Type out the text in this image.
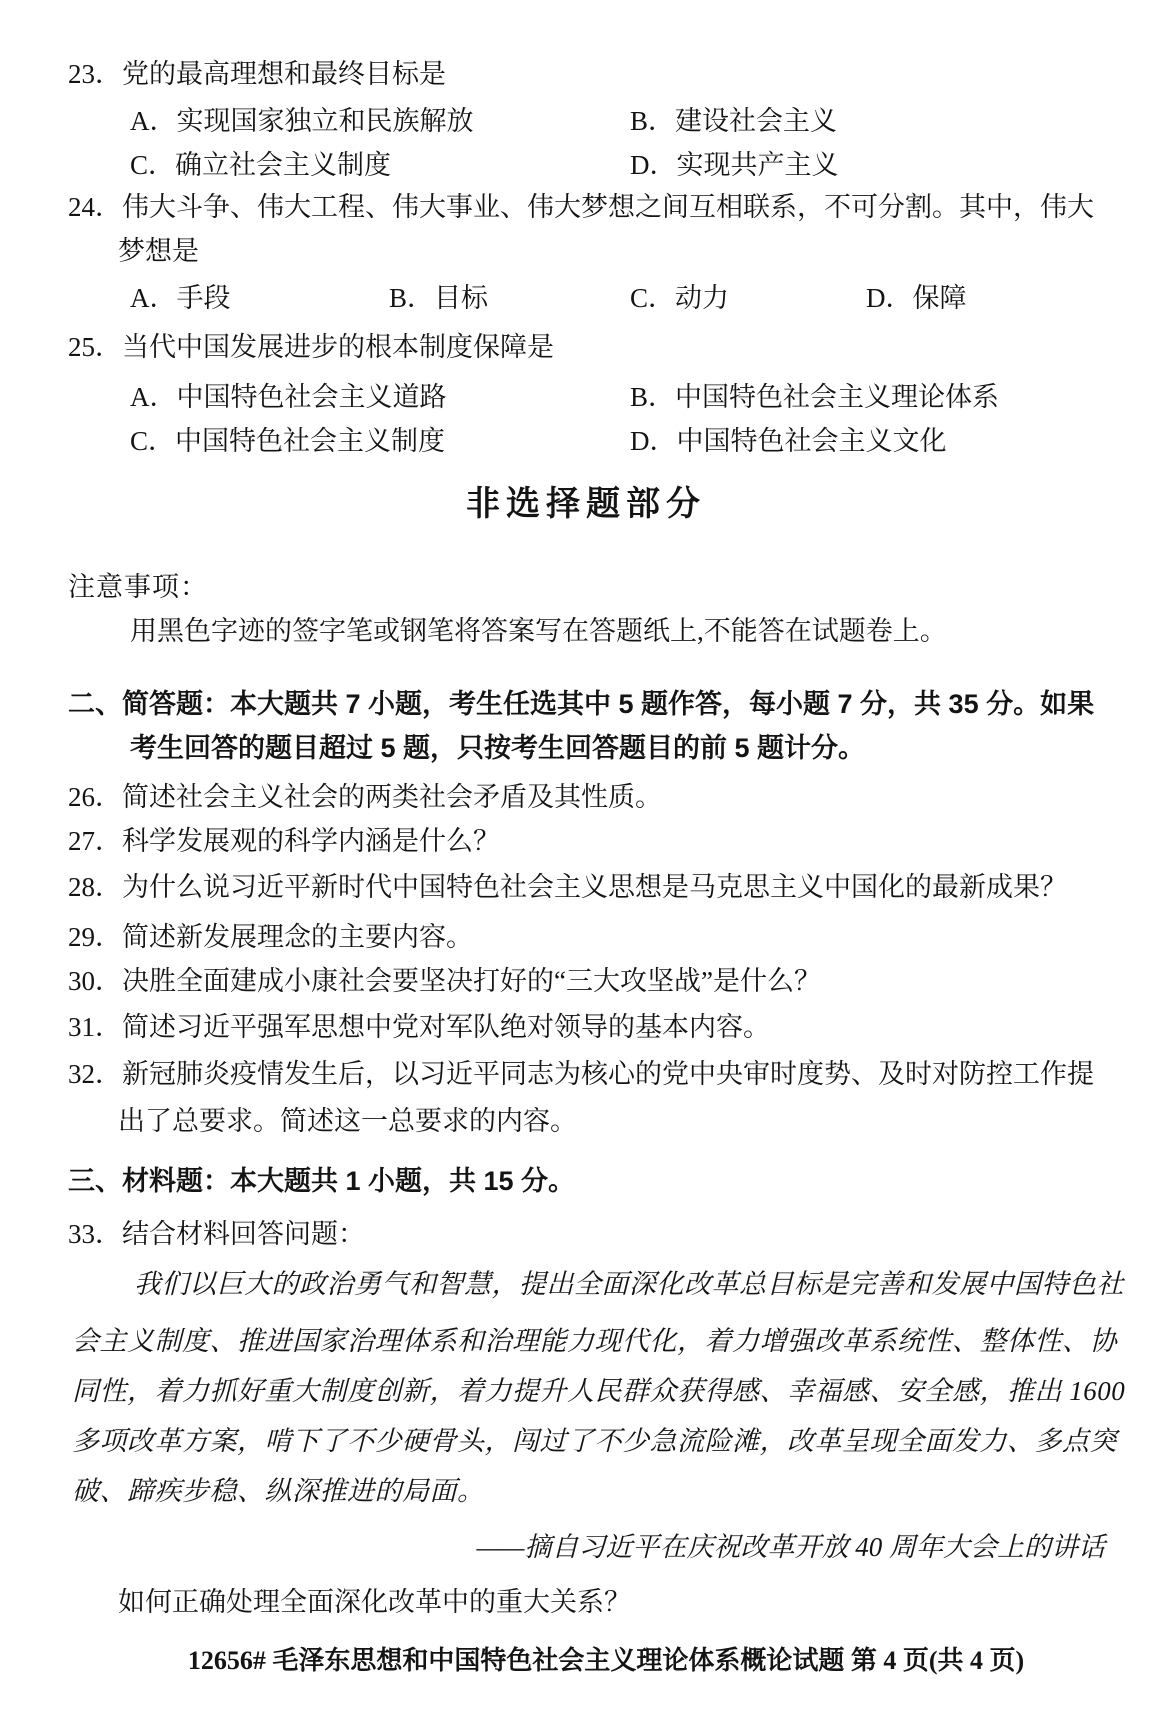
23． 党的最高理想和最终目标是
A．实现国家独立和民族解放	B．建设社会主义
C．确立社会主义制度	D．实现共产主义
24． 伟大斗争、伟大工程、伟大事业、伟大梦想之间互相联系，不可分割。其中，伟大
梦想是
A．手段	B．目标	C．动力	D．保障
25． 当代中国发展进步的根本制度保障是
A．中国特色社会主义道路	B．中国特色社会主义理论体系
C．中国特色社会主义制度	D．中国特色社会主义文化
非选择题部分
注意事项：
用黑色字迹的签字笔或钢笔将答案写在答题纸上,不能答在试题卷上。
二、简答题：本大题共 7 小题，考生任选其中 5 题作答，每小题 7 分，共 35 分。如果
考生回答的题目超过 5 题，只按考生回答题目的前 5 题计分。
26． 简述社会主义社会的两类社会矛盾及其性质。
27． 科学发展观的科学内涵是什么？
28． 为什么说习近平新时代中国特色社会主义思想是马克思主义中国化的最新成果？
29． 简述新发展理念的主要内容。
30． 决胜全面建成小康社会要坚决打好的“三大攻坚战”是什么？
31． 简述习近平强军思想中党对军队绝对领导的基本内容。
32． 新冠肺炎疫情发生后，以习近平同志为核心的党中央审时度势、及时对防控工作提
出了总要求。简述这一总要求的内容。
三、材料题：本大题共 1 小题，共 15 分。
33． 结合材料回答问题：
我们以巨大的政治勇气和智慧，提出全面深化改革总目标是完善和发展中国特色社
会主义制度、推进国家治理体系和治理能力现代化，着力增强改革系统性、整体性、协
同性，着力抓好重大制度创新，着力提升人民群众获得感、幸福感、安全感，推出 1600
多项改革方案，啃下了不少硬骨头，闯过了不少急流险滩，改革呈现全面发力、多点突
破、蹄疾步稳、纵深推进的局面。
——摘自习近平在庆祝改革开放 40 周年大会上的讲话
如何正确处理全面深化改革中的重大关系？
12656# 毛泽东思想和中国特色社会主义理论体系概论试题 第 4 页(共 4 页)
